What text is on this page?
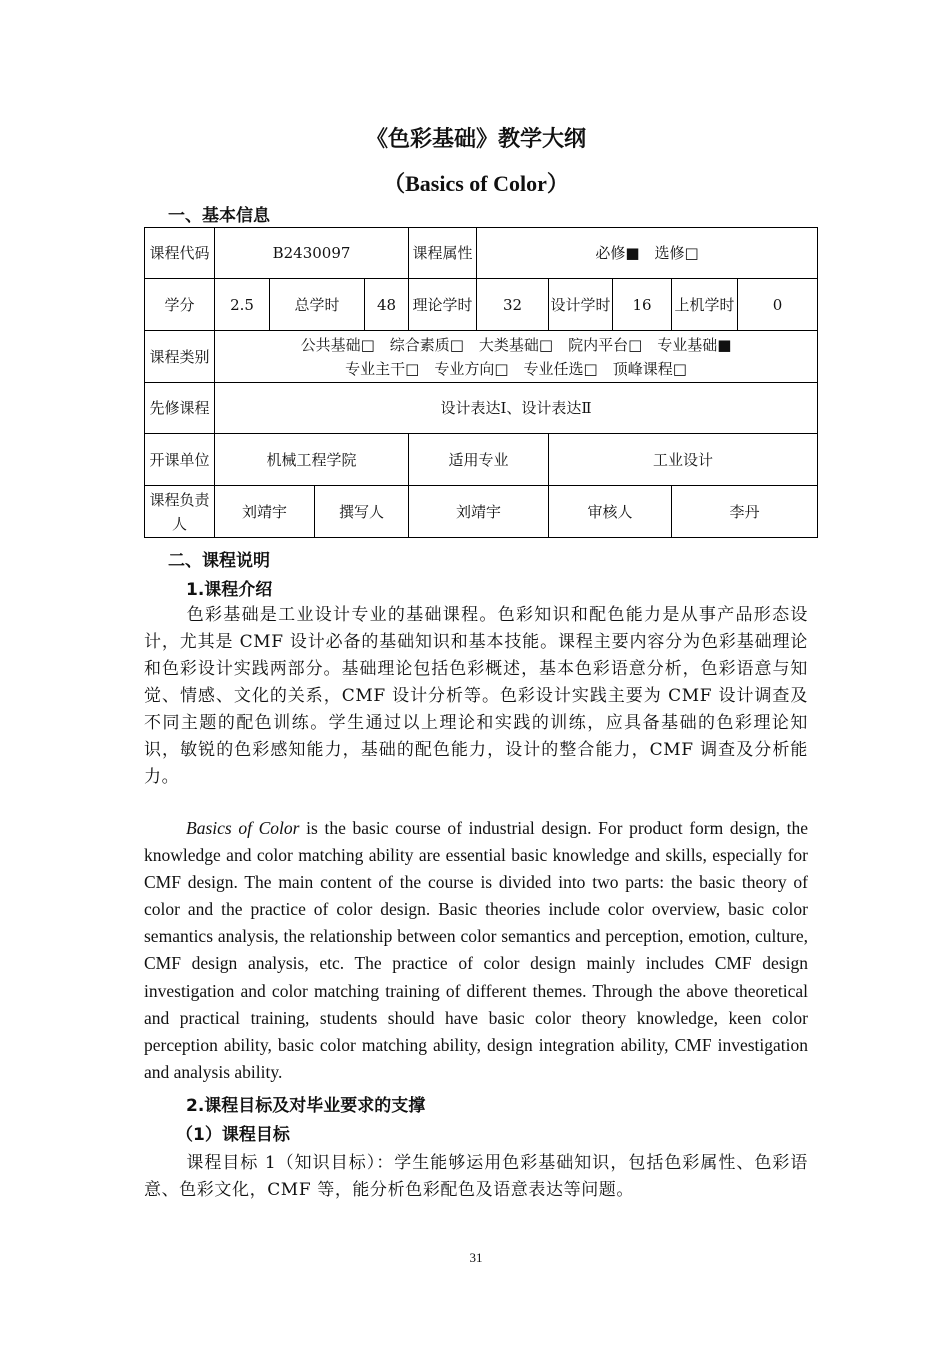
《色彩基础》教学大纲
（Basics of Color）
一、基本信息
课程代码	B2430097				课程属性	必修■　选修□				
学分	2.5	总学时		48	理论学时	32	设计学时	16	上机学时	0
课程类别	公共基础□　综合素质□　大类基础□　院内平台□　专业基础■
专业主干□　专业方向□　专业任选□　顶峰课程□									

先修课程	设计表达Ⅰ、设计表达Ⅱ									
开课单位	机械工程学院				适用专业		工业设计			
课程负责人	刘靖宇		撰写人		刘靖宇		审核人		李丹	
二、课程说明
1.课程介绍

色彩基础是工业设计专业的基础课程。色彩知识和配色能力是从事产品形态设计，尤其是 CMF 设计必备的基础知识和基本技能。课程主要内容分为色彩基础理论和色彩设计实践两部分。基础理论包括色彩概述，基本色彩语意分析，色彩语意与知觉、情感、文化的关系，CMF 设计分析等。色彩设计实践主要为 CMF 设计调查及不同主题的配色训练。学生通过以上理论和实践的训练，应具备基础的色彩理论知识，敏锐的色彩感知能力，基础的配色能力，设计的整合能力，CMF 调查及分析能力。

Basics of Color is the basic course of industrial design. For product form design, the knowledge and color matching ability are essential basic knowledge and skills, especially for CMF design. The main content of the course is divided into two parts: the basic theory of color and the practice of color design. Basic theories include color overview, basic color semantics analysis, the relationship between color semantics and perception, emotion, culture, CMF design analysis, etc. The practice of color design mainly includes CMF design investigation and color matching training of different themes. Through the above theoretical and practical training, students should have basic color theory knowledge, keen color perception ability, basic color matching ability, design integration ability, CMF investigation and analysis ability.

2.课程目标及对毕业要求的支撑
（1）课程目标

课程目标 1（知识目标）：学生能够运用色彩基础知识，包括色彩属性、色彩语意、色彩文化，CMF 等，能分析色彩配色及语意表达等问题。

31
